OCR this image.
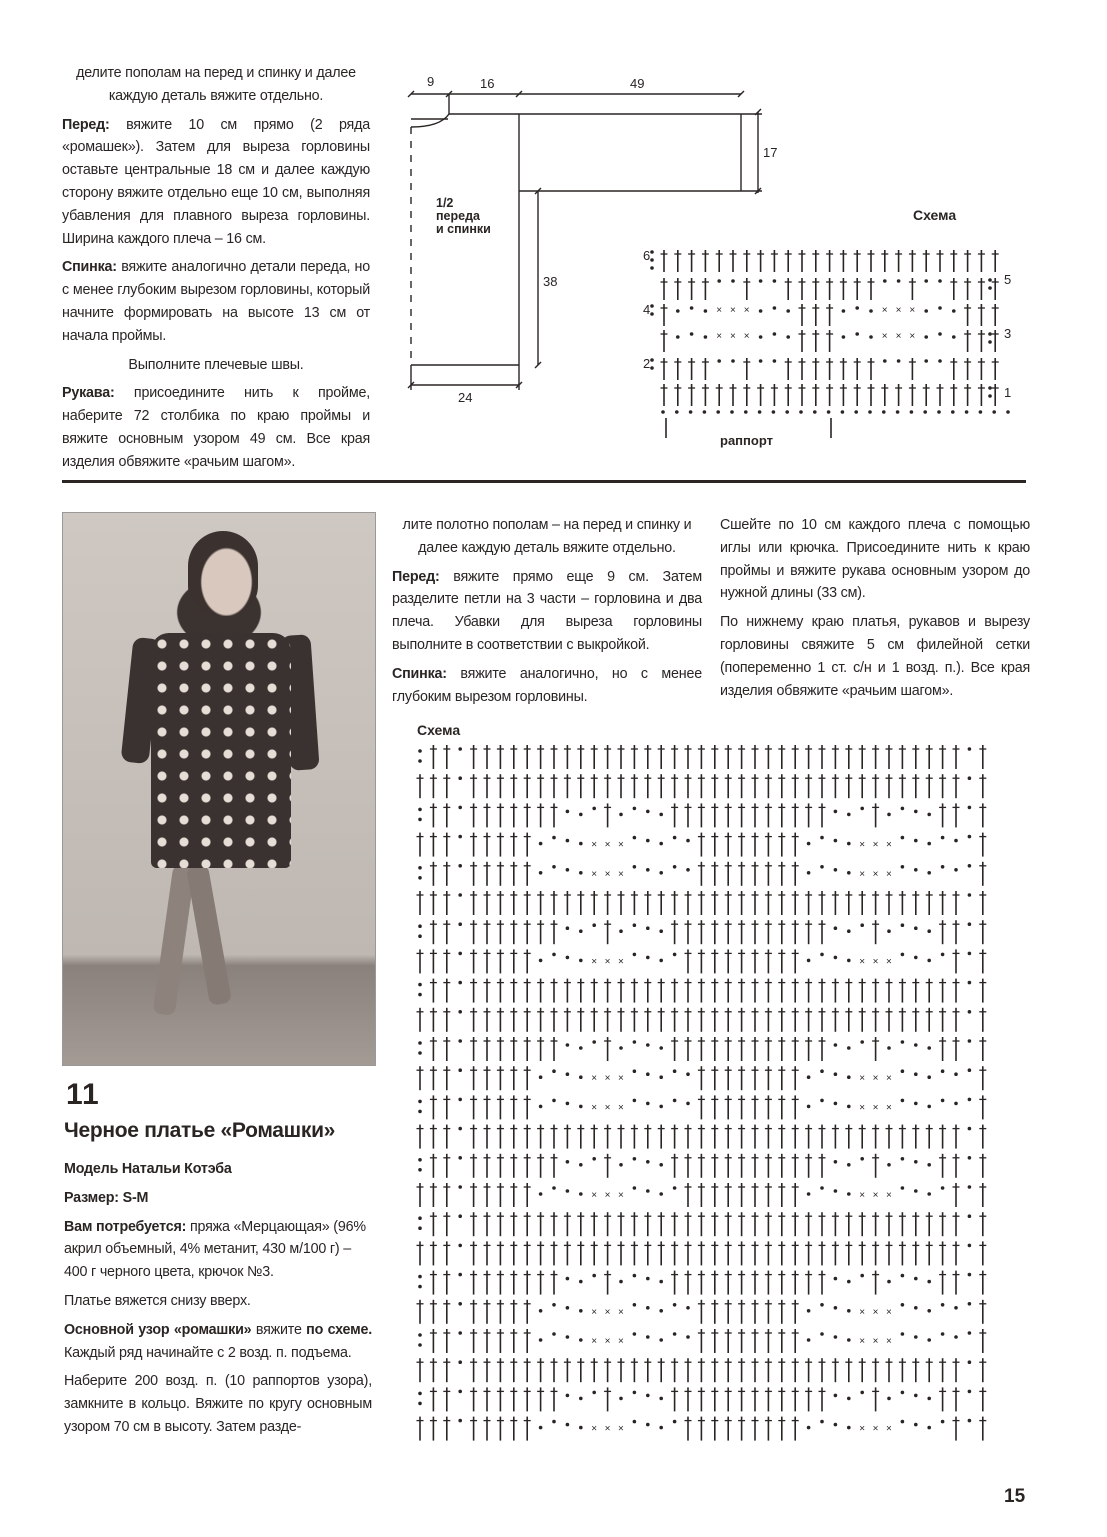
делите пополам на перед и спинку и далее каждую деталь вяжите отдельно.

Перед: вяжите 10 см прямо (2 ряда «ромашек»). Затем для выреза горловины оставьте центральные 18 см и далее каждую сторону вяжите отдельно еще 10 см, выполняя убавления для плавного выреза горловины. Ширина каждого плеча – 16 см.

Спинка: вяжите аналогично детали переда, но с менее глубоким вырезом горловины, который начните формировать на высоте 13 см от начала проймы.

Выполните плечевые швы.

Рукава: присоедините нить к пройме, наберите 72 столбика по краю проймы и вяжите основным узором 49 см. Все края изделия обвяжите «рачьим шагом».

9	16	49
17
38
24
1/2
переда
и спинки
Схема
× × ×	× × ×
× × ×	× × ×
6
4
2
5
3
1
раппорт
11
Черное платье «Ромашки»

Модель Натальи Котэба

Размер: S-M

Вам потребуется: пряжа «Мерцающая» (96% акрил объемный, 4% метанит, 430 м/100 г) – 400 г черного цвета, крючок №3.

Платье вяжется снизу вверх.

Основной узор «ромашки» вяжите по схеме. Каждый ряд начинайте с 2 возд. п. подъема.

Наберите 200 возд. п. (10 раппортов узора), замкните в кольцо. Вяжите по кругу основным узором 70 см в высоту. Затем разде-

лите полотно пополам – на перед и спинку и далее каждую деталь вяжите отдельно.

Перед: вяжите прямо еще 9 см. Затем разделите петли на 3 части – горловина и два плеча. Убавки для выреза горловины выполните в соответствии с выкройкой.

Спинка: вяжите аналогично, но с менее глубоким вырезом горловины.

Сшейте по 10 см каждого плеча с помощью иглы или крючка. Присоедините нить к краю проймы и вяжите рукава основным узором до нужной длины (33 см).

По нижнему краю платья, рукавов и вырезу горловины свяжите 5 см филейной сетки (попеременно 1 ст. с/н и 1 возд. п.). Все края изделия обвяжите «рачьим шагом».

Схема
× × ×	× × ×
× × ×	× × ×
× × ×	× × ×
× × ×	× × ×
× × ×	× × ×
× × ×	× × ×
× × ×	× × ×
× × ×	× × ×
× × ×	× × ×
15
